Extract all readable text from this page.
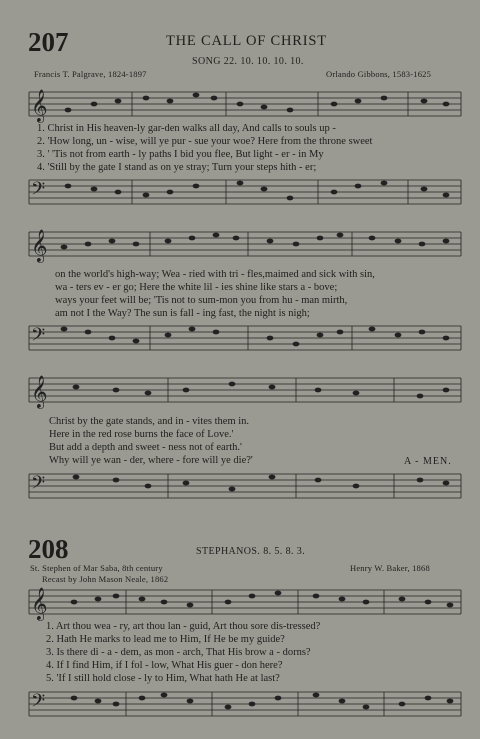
207	THE CALL OF CHRIST
SONG 22. 10. 10. 10. 10.
Francis T. Palgrave, 1824-1897	Orlando Gibbons, 1583-1625
𝄞
1. Christ in His heaven-ly gar-den walks all day, And calls to souls up -
2. 'How long, un - wise, will ye pur - sue your woe? Here from the throne sweet
3. ' 'Tis not from earth - ly paths I bid you flee, But light - er - in My
4. 'Still by the gate I stand as on ye stray; Turn your steps hith - er;
𝄢
𝄞
on the world's high-way; Wea - ried with tri - fles,maimed and sick with sin,
wa - ters ev - er go; Here the white lil - ies shine like stars a - bove;
ways your feet will be; 'Tis not to sum-mon you from hu - man mirth,
am not I the Way? The sun is fall - ing fast, the night is nigh;
𝄢
𝄞
Christ by the gate stands, and in - vites them in.
Here in the red rose burns the face of Love.'
But add a depth and sweet - ness not of earth.'
Why will ye wan - der, where - fore will ye die?'	A - MEN.
𝄢
208	STEPHANOS. 8. 5. 8. 3.
St. Stephen of Mar Saba, 8th century
Recast by John Mason Neale, 1862
Henry W. Baker, 1868
𝄞
1. Art thou wea - ry, art thou lan - guid, Art thou sore dis-tressed?
2. Hath He marks to lead me to Him, If He be my guide?
3. Is there di - a - dem, as mon - arch, That His brow a - dorns?
4. If I find Him, if I fol - low, What His guer - don here?
5. 'If I still hold close - ly to Him, What hath He at last?
𝄢
